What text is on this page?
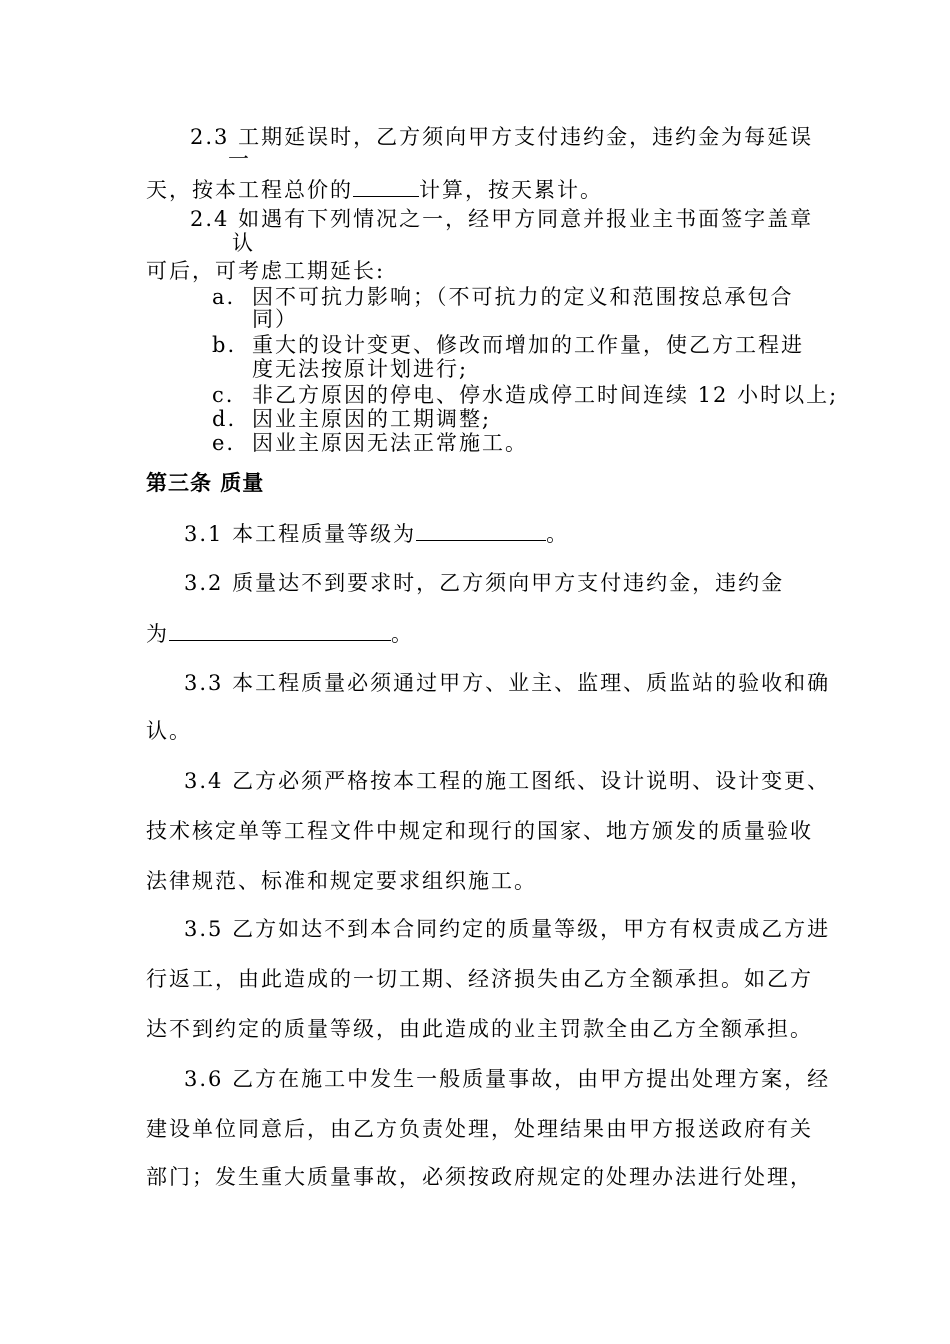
2.3 工期延误时，乙方须向甲方支付违约金，违约金为每延误
一
天，按本工程总价的	计算，按天累计。
2.4 如遇有下列情况之一，经甲方同意并报业主书面签字盖章
认
可后，可考虑工期延长:
a. 因不可抗力影响；（不可抗力的定义和范围按总承包合
同）
b. 重大的设计变更、修改而增加的工作量，使乙方工程进
度无法按原计划进行;
c. 非乙方原因的停电、停水造成停工时间连续 12 小时以上;
d. 因业主原因的工期调整;
e. 因业主原因无法正常施工。
第三条 质量
3.1 本工程质量等级为	。
3.2 质量达不到要求时，乙方须向甲方支付违约金，违约金
为	。
3.3 本工程质量必须通过甲方、业主、监理、质监站的验收和确
认。
3.4 乙方必须严格按本工程的施工图纸、设计说明、设计变更、
技术核定单等工程文件中规定和现行的国家、地方颁发的质量验收
法律规范、标准和规定要求组织施工。
3.5 乙方如达不到本合同约定的质量等级，甲方有权责成乙方进
行返工，由此造成的一切工期、经济损失由乙方全额承担。如乙方
达不到约定的质量等级，由此造成的业主罚款全由乙方全额承担。
3.6 乙方在施工中发生一般质量事故，由甲方提出处理方案，经
建设单位同意后，由乙方负责处理，处理结果由甲方报送政府有关
部门；发生重大质量事故，必须按政府规定的处理办法进行处理，
